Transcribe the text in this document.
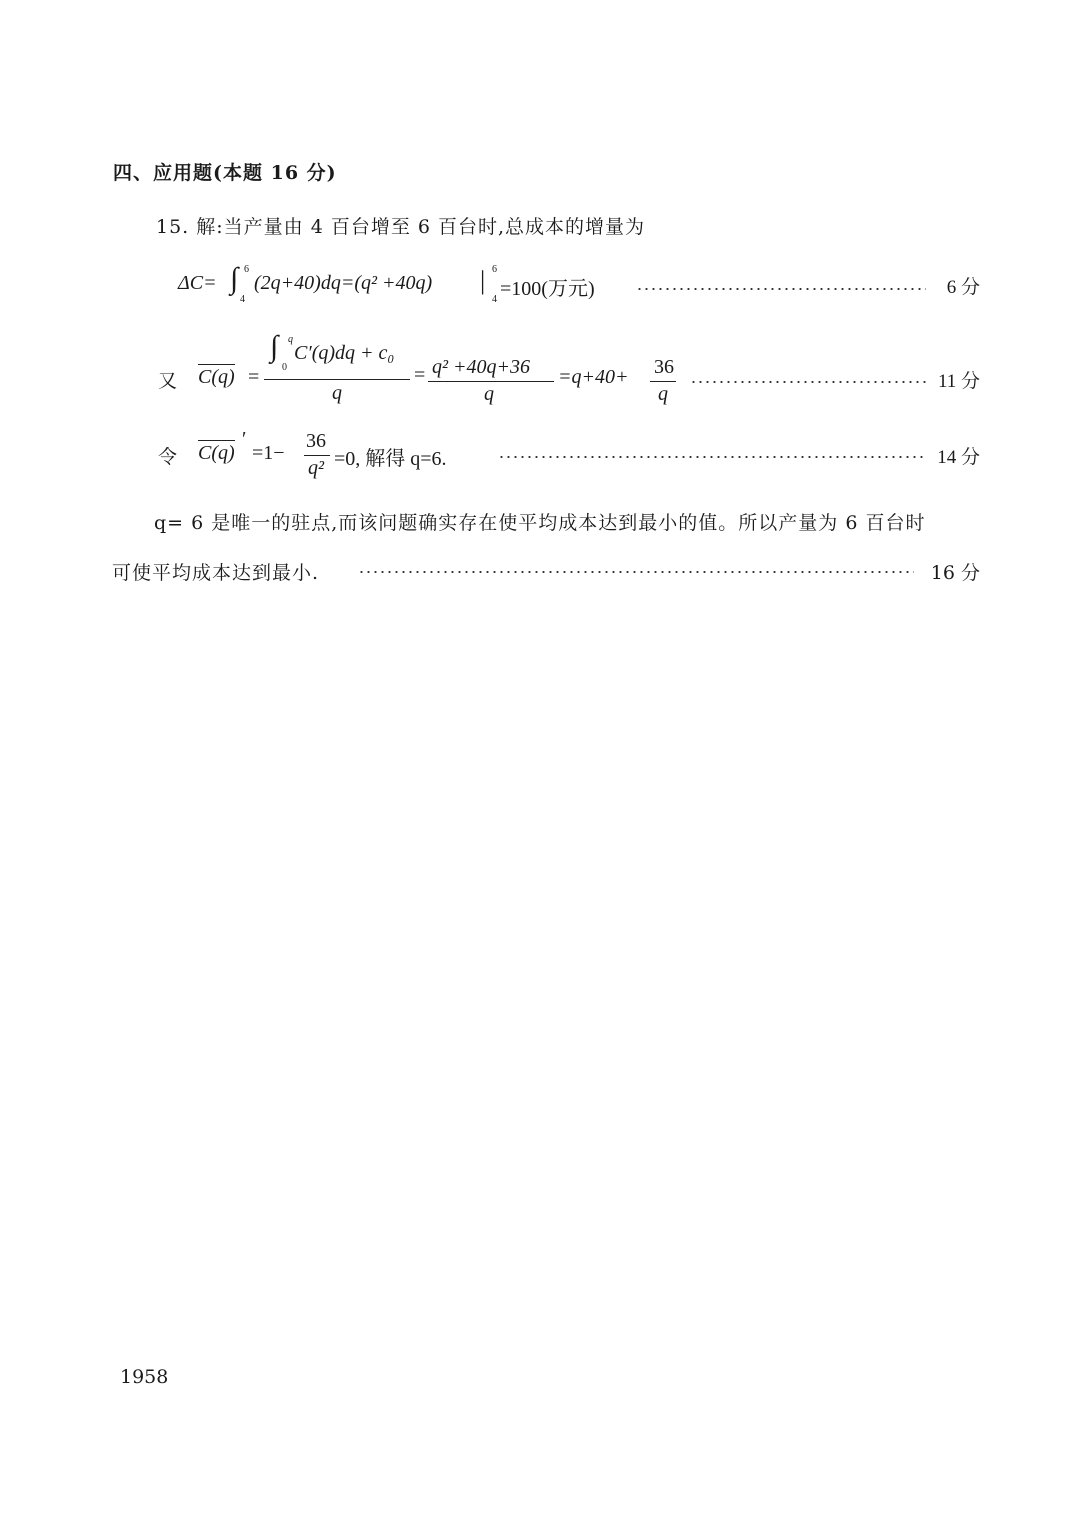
四、应用题(本题 16 分)
15. 解:当产量由 4 百台增至 6 百台时,总成本的增量为
ΔC= ∫ 6
4
(2q+40)dq=(q² +40q) | 6
4 =100(万元)	6 分
又 C(q) =
∫ q
0
C′(q)dq + c₀
q
= q² +40q+36
q
=q+40+ 36
q
11 分
令 C(q)
′
=1−
36
q² =0, 解得 q=6.	14 分
q= 6 是唯一的驻点,而该问题确实存在使平均成本达到最小的值。所以产量为 6 百台时
可使平均成本达到最小.	16 分
1958
